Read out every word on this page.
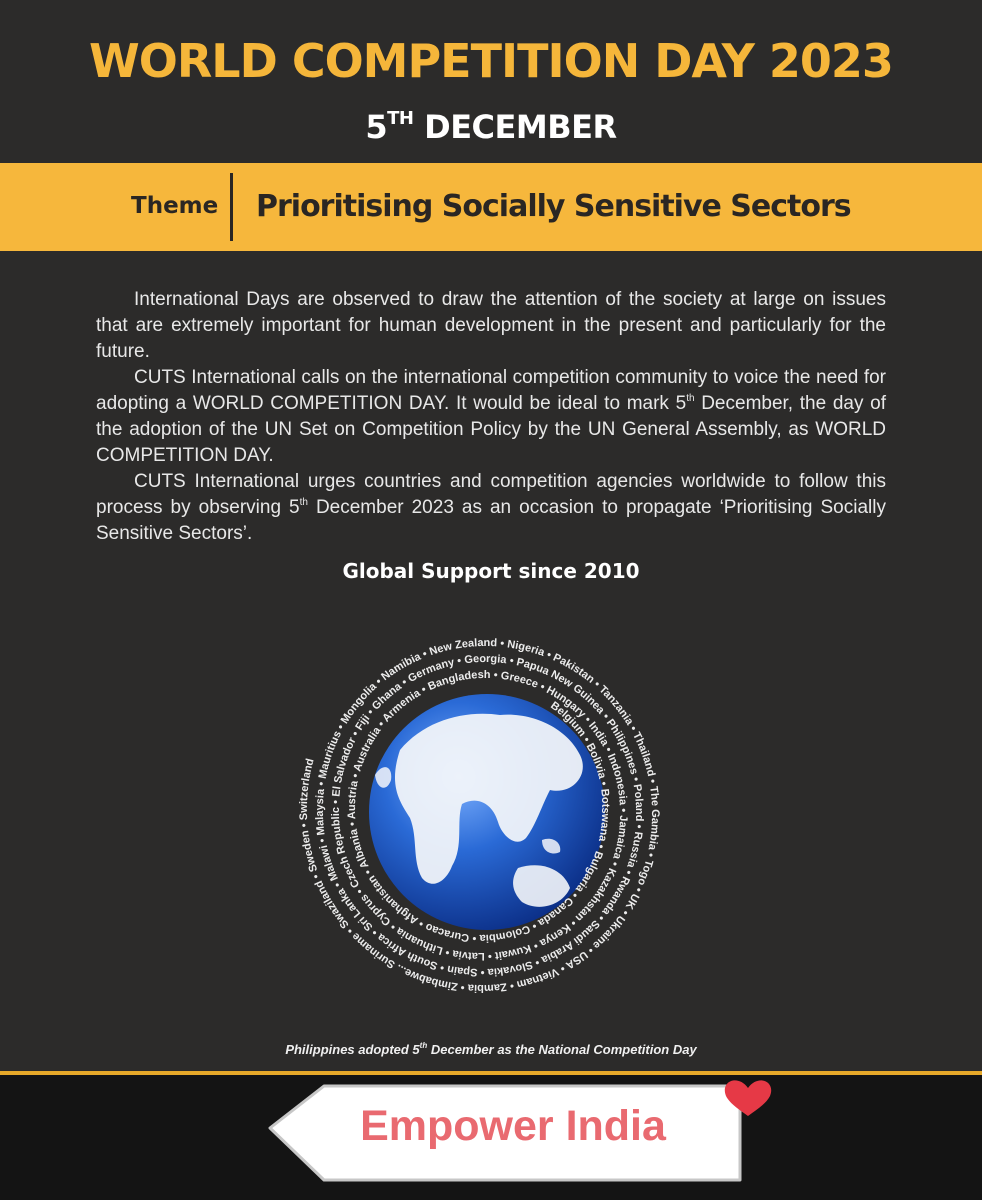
WORLD COMPETITION DAY 2023
5TH DECEMBER
Theme Prioritising Socially Sensitive Sectors

International Days are observed to draw the attention of the society at large on issues that are extremely important for human development in the present and particularly for the future.

CUTS International calls on the international competition community to voice the need for adopting a WORLD COMPETITION DAY. It would be ideal to mark 5th December, the day of the adoption of the UN Set on Competition Policy by the UN General Assembly, as WORLD COMPETITION DAY.

CUTS International urges countries and competition agencies worldwide to follow this process by observing 5th December 2023 as an occasion to propagate ‘Prioritising Socially Sensitive Sectors’.

Global Support since 2010
Belgium • Bolivia • Botswana • Bulgaria • Canada • Colombia • Curacao • Afghanistan • Albania • Austria • Australia • Armenia • Bangladesh • Greece • Hungary • India • Indonesia • Jamaica • Kazakhstan • Kenya • Kuwait • Latvia • Lithuania • Cyprus • Czech Republic • El Salvador • Fiji • Ghana • Germany • Georgia • Papua New Guinea • Philippines • Poland • Russia • Rwanda • Saudi Arabia • Slovakia • Spain • South Africa • Sri Lanka • Malawi • Malaysia • Mauritius • Mongolia • Namibia • New Zealand • Nigeria • Pakistan • Tanzania • Thailand • The Gambia • Togo • UK • Ukraine • USA • Vietnam • Zambia • Zimbabwe... Suriname • Swaziland • Sweden • Switzerland
Philippines adopted 5th December as the National Competition Day
Empower India
